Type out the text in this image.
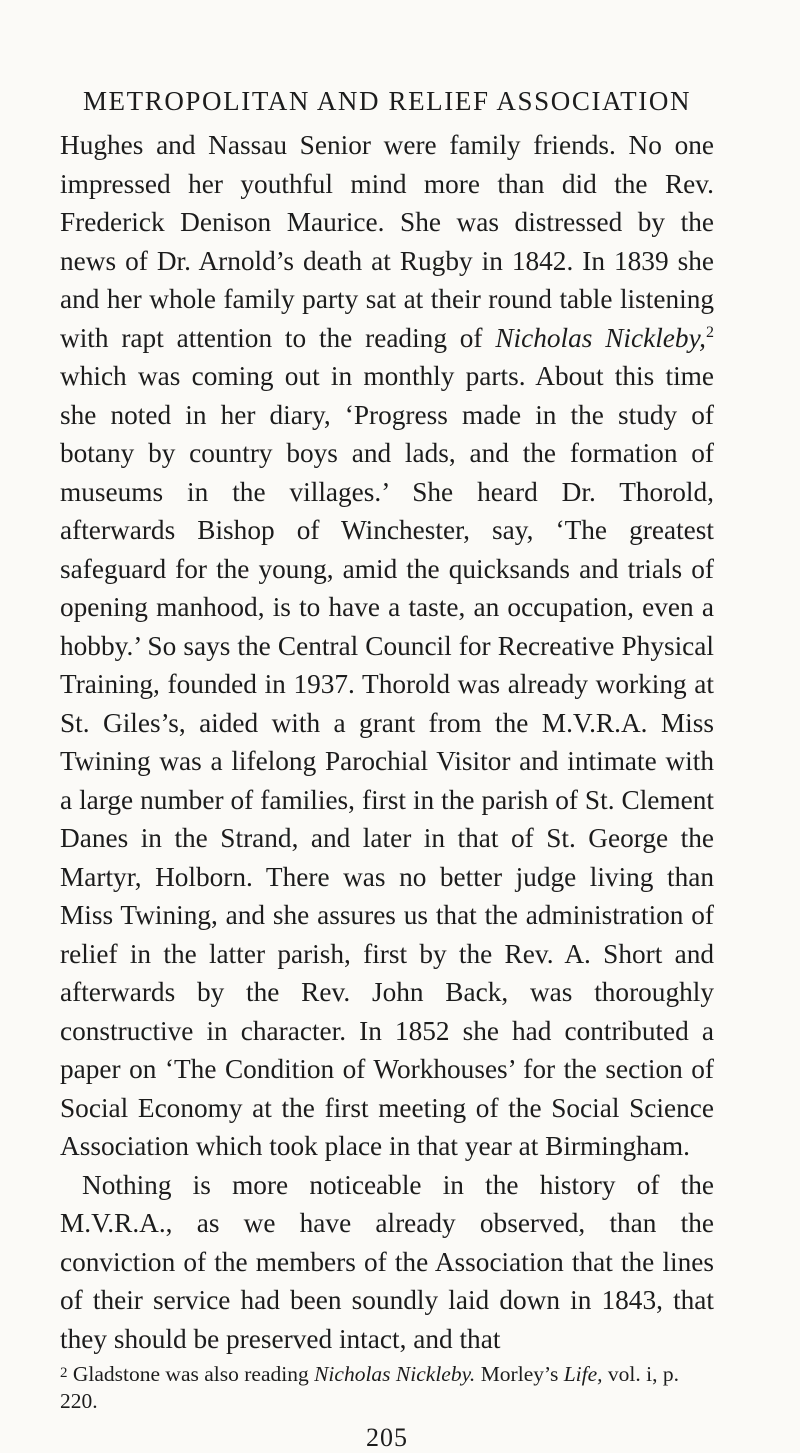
METROPOLITAN AND RELIEF ASSOCIATION

Hughes and Nassau Senior were family friends. No one impressed her youthful mind more than did the Rev. Frederick Denison Maurice. She was distressed by the news of Dr. Arnold’s death at Rugby in 1842. In 1839 she and her whole family party sat at their round table listening with rapt attention to the reading of Nicholas Nickleby,$^2$ which was coming out in monthly parts. About this time she noted in her diary, ‘Progress made in the study of botany by country boys and lads, and the formation of museums in the villages.’ She heard Dr. Thorold, afterwards Bishop of Winchester, say, ‘The greatest safeguard for the young, amid the quicksands and trials of opening manhood, is to have a taste, an occupation, even a hobby.’ So says the Central Council for Recreative Physical Training, founded in 1937. Thorold was already working at St. Giles’s, aided with a grant from the M.V.R.A. Miss Twining was a lifelong Parochial Visitor and intimate with a large number of families, first in the parish of St. Clement Danes in the Strand, and later in that of St. George the Martyr, Holborn. There was no better judge living than Miss Twining, and she assures us that the administration of relief in the latter parish, first by the Rev. A. Short and afterwards by the Rev. John Back, was thoroughly constructive in character. In 1852 she had contributed a paper on ‘The Condition of Workhouses’ for the section of Social Economy at the first meeting of the Social Science Association which took place in that year at Birmingham.

Nothing is more noticeable in the history of the M.V.R.A., as we have already observed, than the conviction of the members of the Association that the lines of their service had been soundly laid down in 1843, that they should be preserved intact, and that

2 Gladstone was also reading Nicholas Nickleby. Morley’s Life, vol. i, p. 220.
205
